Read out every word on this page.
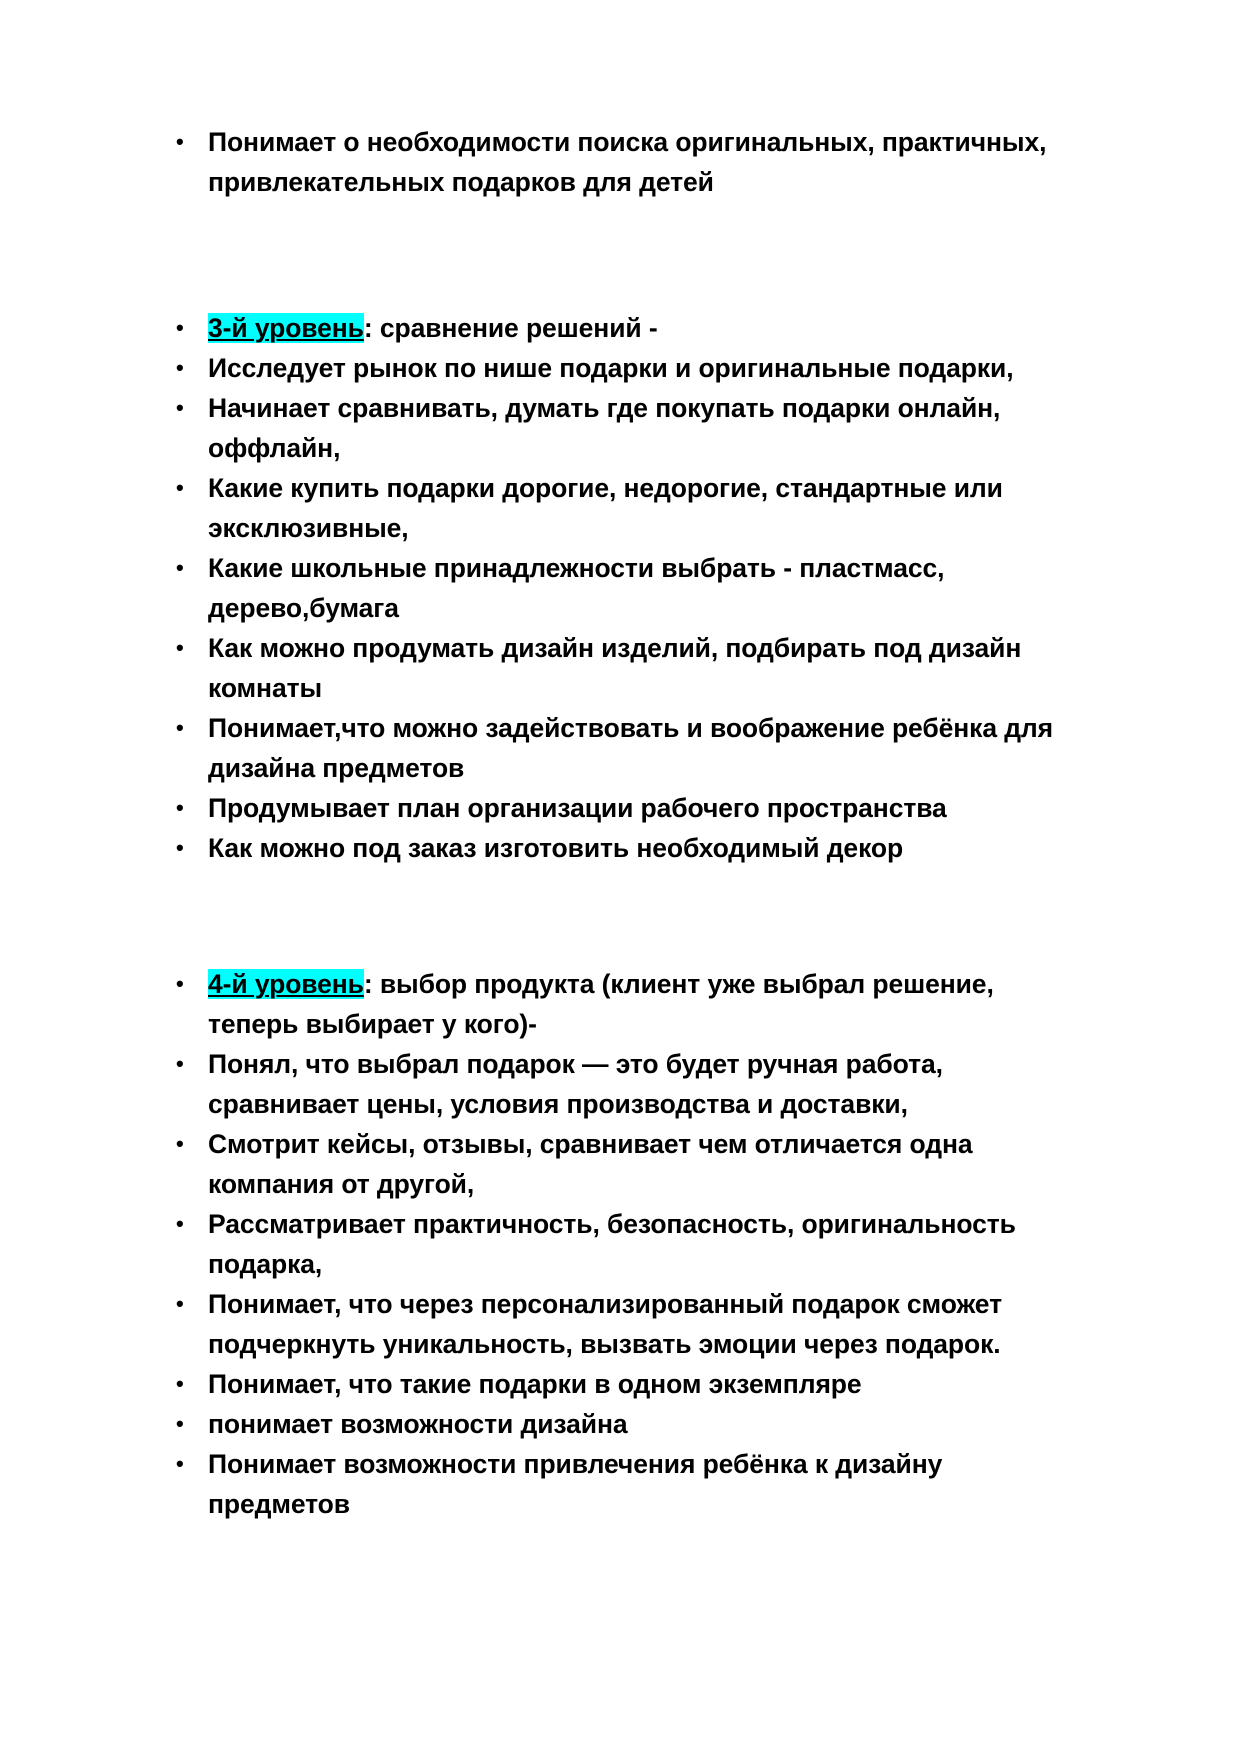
• Понимает о необходимости поиска оригинальных, практичных, привлекательных подарков для детей
• 3-й уровень: сравнение решений -
• Исследует рынок по нише подарки и оригинальные подарки,
• Начинает сравнивать, думать где покупать подарки онлайн, оффлайн,
• Какие купить подарки дорогие, недорогие, стандартные или эксклюзивные,
• Какие школьные принадлежности выбрать - пластмасс, дерево,бумага
• Как можно продумать дизайн изделий, подбирать под дизайн комнаты
• Понимает,что можно задействовать и воображение ребёнка для дизайна предметов
• Продумывает план организации рабочего пространства
• Как можно под заказ изготовить необходимый декор
• 4-й уровень: выбор продукта (клиент уже выбрал решение, теперь выбирает у кого)-
• Понял, что выбрал подарок — это будет ручная работа, сравнивает цены, условия производства и доставки,
• Смотрит кейсы, отзывы, сравнивает чем отличается одна компания от другой,
• Рассматривает практичность, безопасность, оригинальность подарка,
• Понимает, что через персонализированный подарок сможет подчеркнуть уникальность, вызвать эмоции через подарок.
• Понимает, что такие подарки в одном экземпляре
• понимает возможности дизайна
• Понимает возможности привлечения ребёнка к дизайну предметов
